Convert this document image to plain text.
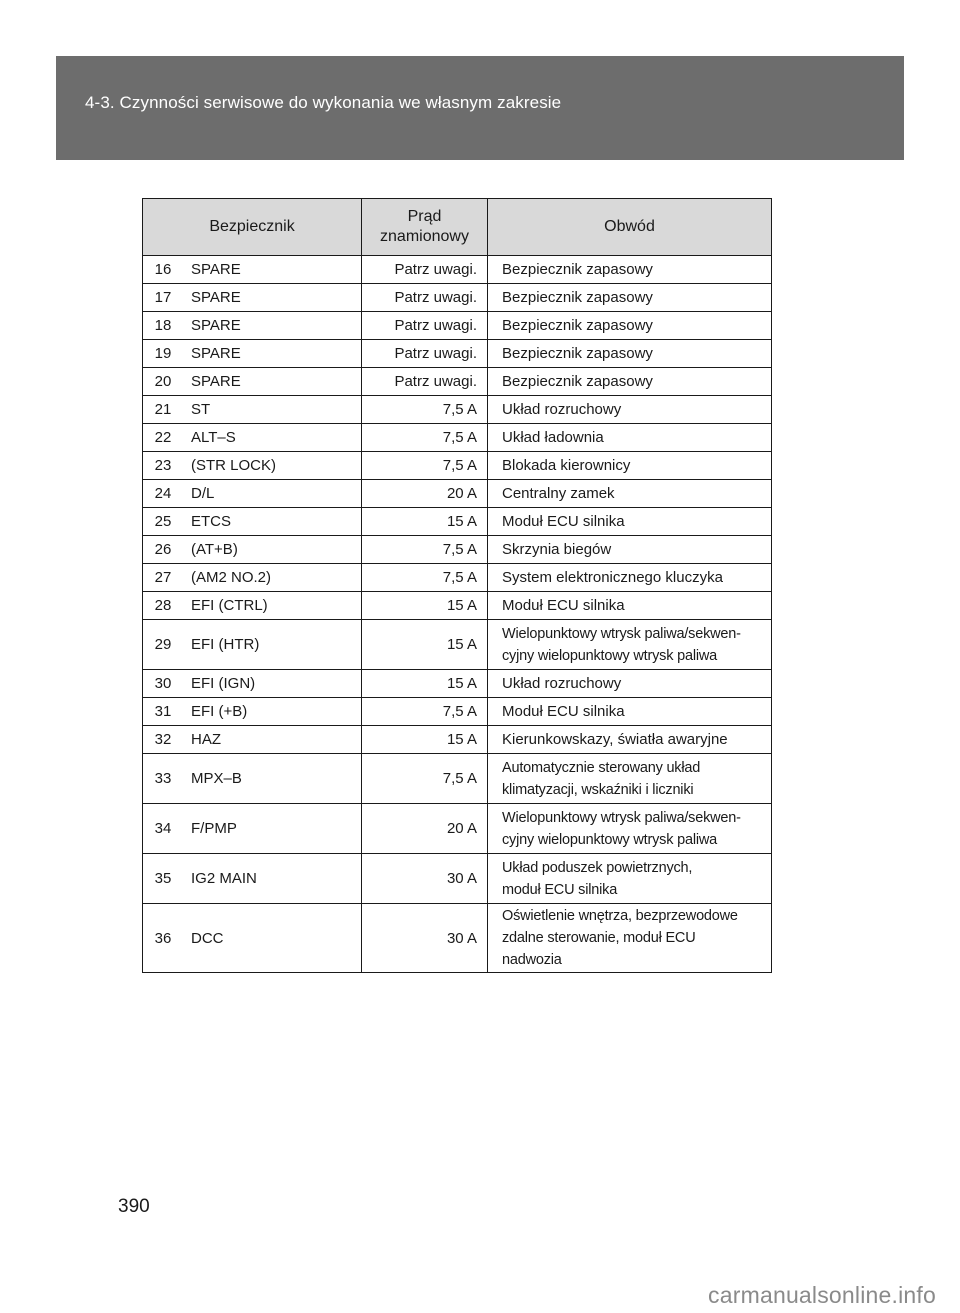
4-3. Czynności serwisowe do wykonania we własnym zakresie
Bezpiecznik		Prąd
znamionowy	Obwód
16	SPARE	Patrz uwagi.	Bezpiecznik zapasowy

17	SPARE	Patrz uwagi.	Bezpiecznik zapasowy

18	SPARE	Patrz uwagi.	Bezpiecznik zapasowy

19	SPARE	Patrz uwagi.	Bezpiecznik zapasowy

20	SPARE	Patrz uwagi.	Bezpiecznik zapasowy

21	ST	7,5 A	Układ rozruchowy

22	ALT–S	7,5 A	Układ ładownia

23	(STR LOCK)	7,5 A	Blokada kierownicy

24	D/L	20 A	Centralny zamek

25	ETCS	15 A	Moduł ECU silnika

26	(AT+B)	7,5 A	Skrzynia biegów

27	(AM2 NO.2)	7,5 A	System elektronicznego kluczyka

28	EFI (CTRL)	15 A	Moduł ECU silnika

29	EFI (HTR)	15 A	Wielopunktowy wtrysk paliwa/sekwen-
cyjny wielopunktowy wtrysk paliwa

30	EFI (IGN)	15 A	Układ rozruchowy

31	EFI (+B)	7,5 A	Moduł ECU silnika

32	HAZ	15 A	Kierunkowskazy, światła awaryjne

33	MPX–B	7,5 A	Automatycznie sterowany układ
klimatyzacji, wskaźniki i liczniki

34	F/PMP	20 A	Wielopunktowy wtrysk paliwa/sekwen-
cyjny wielopunktowy wtrysk paliwa

35	IG2 MAIN	30 A	Układ poduszek powietrznych,
moduł ECU silnika

36	DCC	30 A	Oświetlenie wnętrza, bezprzewodowe
zdalne sterowanie, moduł ECU
nadwozia
390
carmanualsonline.info
